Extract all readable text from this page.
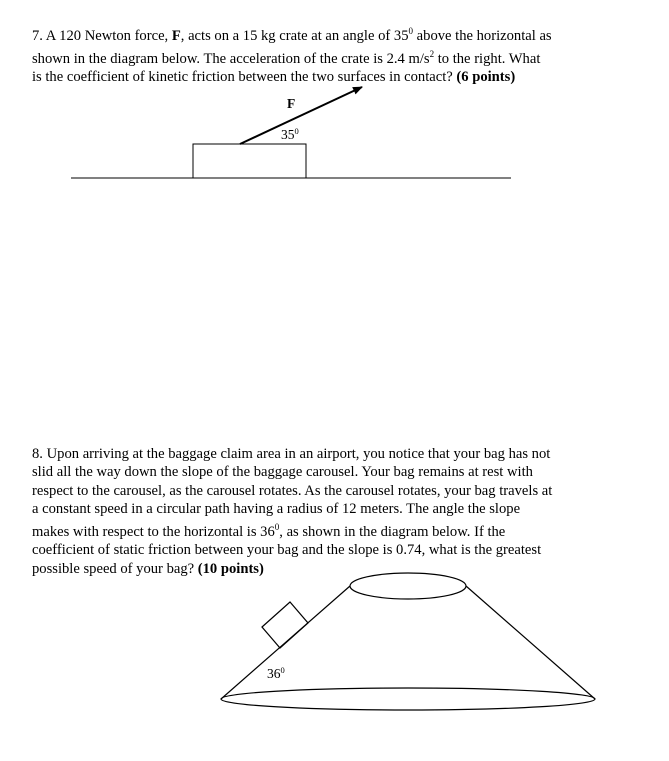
7. A 120 Newton force, F, acts on a 15 kg crate at an angle of $35^0$ above the horizontal as

shown in the diagram below. The acceleration of the crate is 2.4 $m/s^2$ to the right. What

is the coefficient of kinetic friction between the two surfaces in contact? (6 points)

8. Upon arriving at the baggage claim area in an airport, you notice that your bag has not

slid all the way down the slope of the baggage carousel. Your bag remains at rest with

respect to the carousel, as the carousel rotates. As the carousel rotates, your bag travels at

a constant speed in a circular path having a radius of 12 meters. The angle the slope

makes with respect to the horizontal is $36^0$, as shown in the diagram below. If the

coefficient of static friction between your bag and the slope is 0.74, what is the greatest

possible speed of your bag? (10 points)

F
$35^0$
$36^0$
